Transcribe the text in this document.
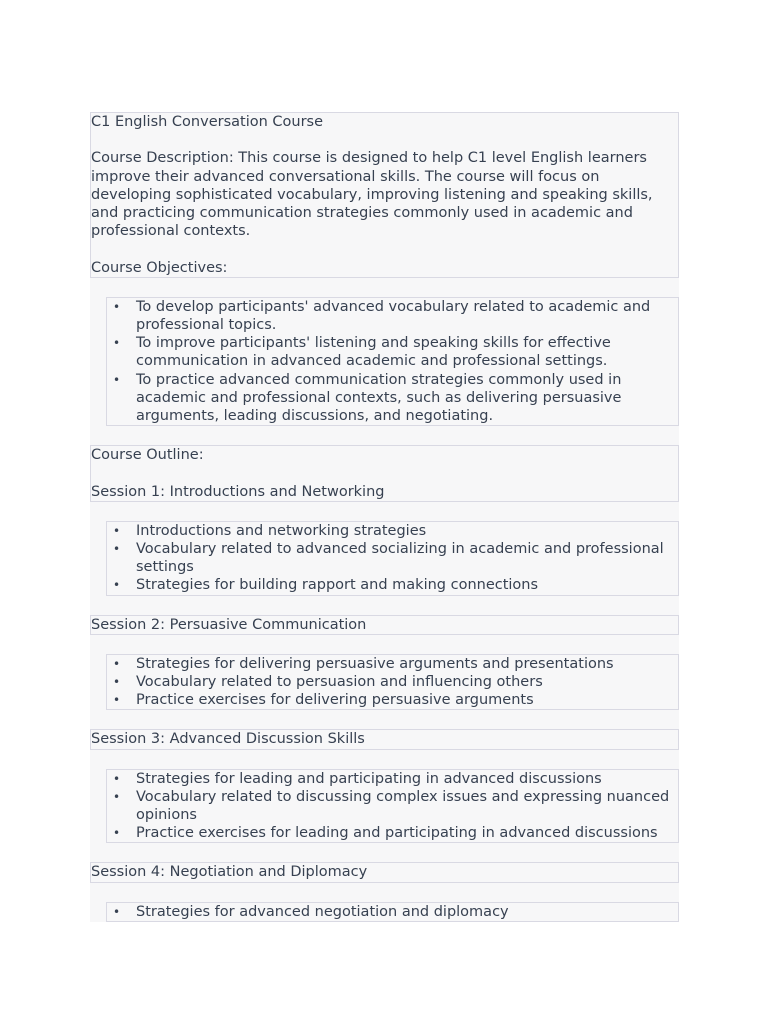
C1 English Conversation Course

Course Description: This course is designed to help C1 level English learners improve their advanced conversational skills. The course will focus on developing sophisticated vocabulary, improving listening and speaking skills, and practicing communication strategies commonly used in academic and professional contexts.

Course Objectives:

• To develop participants' advanced vocabulary related to academic and professional topics.
• To improve participants' listening and speaking skills for effective communication in advanced academic and professional settings.
• To practice advanced communication strategies commonly used in academic and professional contexts, such as delivering persuasive arguments, leading discussions, and negotiating.

Course Outline:

Session 1: Introductions and Networking

• Introductions and networking strategies
• Vocabulary related to advanced socializing in academic and professional settings
• Strategies for building rapport and making connections

Session 2: Persuasive Communication

• Strategies for delivering persuasive arguments and presentations
• Vocabulary related to persuasion and influencing others
• Practice exercises for delivering persuasive arguments

Session 3: Advanced Discussion Skills

• Strategies for leading and participating in advanced discussions
• Vocabulary related to discussing complex issues and expressing nuanced opinions
• Practice exercises for leading and participating in advanced discussions

Session 4: Negotiation and Diplomacy

• Strategies for advanced negotiation and diplomacy
